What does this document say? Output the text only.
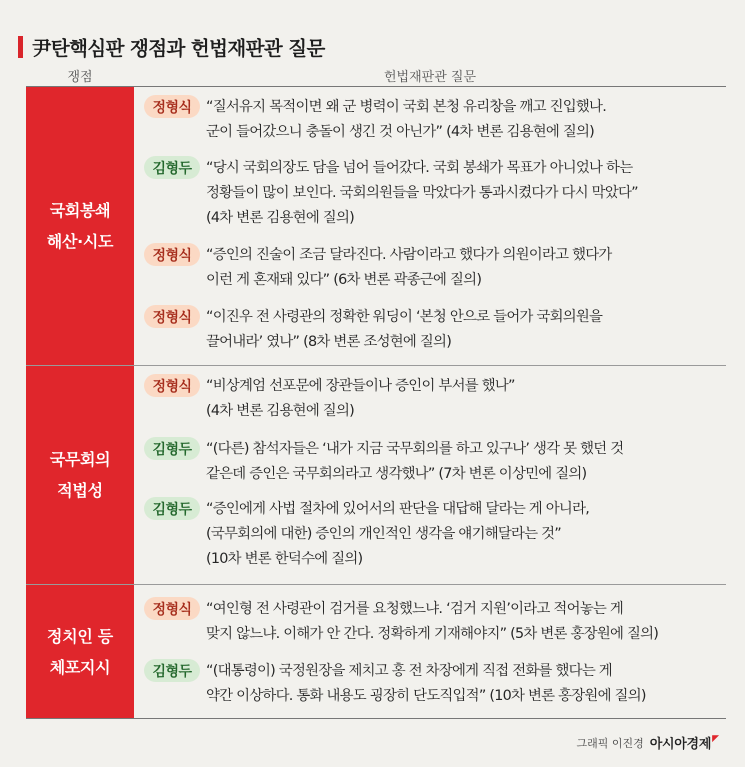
尹탄핵심판 쟁점과 헌법재판관 질문
쟁점	헌법재판관 질문
국회봉쇄
해산·시도
정형식	“질서유지 목적이면 왜 군 병력이 국회 본청 유리창을 깨고 진입했나.
군이 들어갔으니 충돌이 생긴 것 아닌가” (4차 변론 김용현에 질의)
김형두	“당시 국회의장도 담을 넘어 들어갔다. 국회 봉쇄가 목표가 아니었나 하는
정황들이 많이 보인다. 국회의원들을 막았다가 통과시켰다가 다시 막았다”
(4차 변론 김용현에 질의)
정형식	“증인의 진술이 조금 달라진다. 사람이라고 했다가 의원이라고 했다가
이런 게 혼재돼 있다” (6차 변론 곽종근에 질의)
정형식	“이진우 전 사령관의 정확한 워딩이 ‘본청 안으로 들어가 국회의원을
끌어내라’ 였나” (8차 변론 조성현에 질의)
국무회의
적법성
정형식	“비상계엄 선포문에 장관들이나 증인이 부서를 했나”
(4차 변론 김용현에 질의)
김형두	“(다른) 참석자들은 ‘내가 지금 국무회의를 하고 있구나’ 생각 못 했던 것
같은데 증인은 국무회의라고 생각했나” (7차 변론 이상민에 질의)
김형두	“증인에게 사법 절차에 있어서의 판단을 대답해 달라는 게 아니라,
(국무회의에 대한) 증인의 개인적인 생각을 얘기해달라는 것”
(10차 변론 한덕수에 질의)
정치인 등
체포지시
정형식	“여인형 전 사령관이 검거를 요청했느냐. ‘검거 지원’이라고 적어놓는 게
맞지 않느냐. 이해가 안 간다. 정확하게 기재해야지” (5차 변론 홍장원에 질의)
김형두	“(대통령이) 국정원장을 제치고 홍 전 차장에게 직접 전화를 했다는 게
약간 이상하다. 통화 내용도 굉장히 단도직입적” (10차 변론 홍장원에 질의)
그래픽 이진경 아시아경제 ◤
